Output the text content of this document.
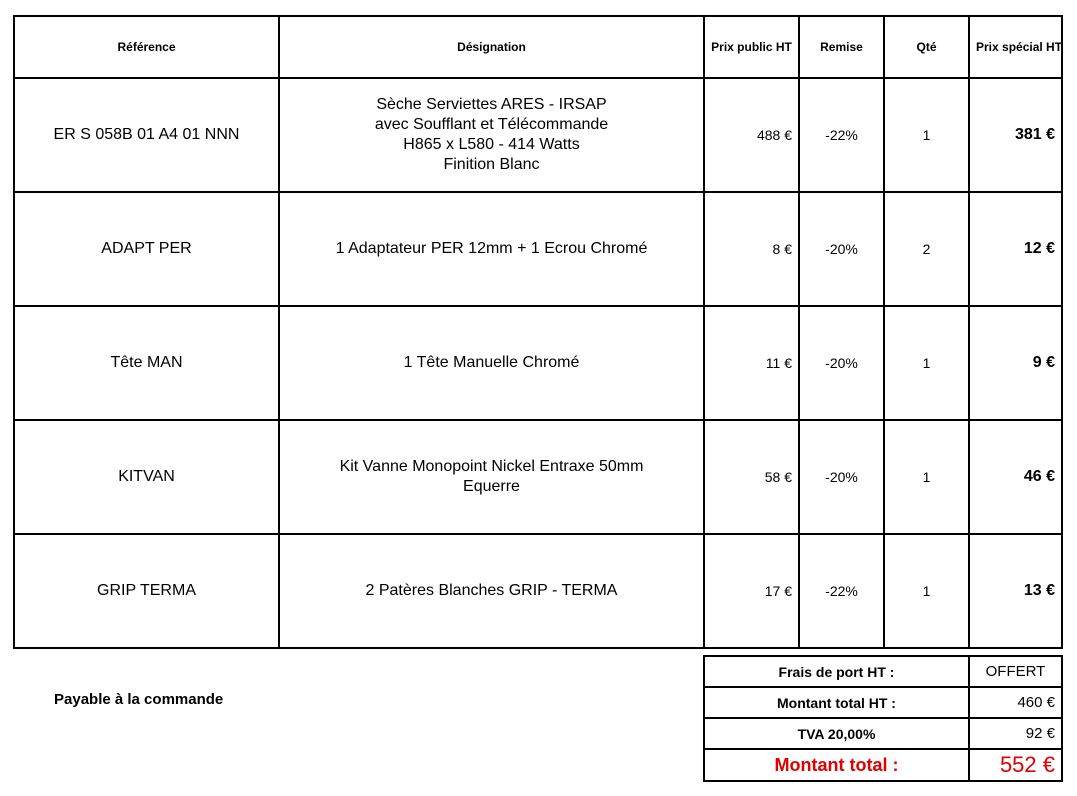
Référence	Désignation	Prix public HT	Remise	Qté	Prix spécial HT
ER S 058B 01 A4 01 NNN	Sèche Serviettes ARES - IRSAP
avec Soufflant et Télécommande
H865 x L580 - 414 Watts
Finition Blanc	488 €	-22%	1	381 €
ADAPT PER	1 Adaptateur PER 12mm + 1 Ecrou Chromé	8 €	-20%	2	12 €
Tête MAN	1 Tête Manuelle Chromé	11 €	-20%	1	9 €
KITVAN	Kit Vanne Monopoint Nickel Entraxe 50mm
Equerre	58 €	-20%	1	46 €
GRIP TERMA	2 Patères Blanches GRIP - TERMA	17 €	-22%	1	13 €
Payable à la commande
Frais de port HT :	OFFERT
Montant total HT :	460 €
TVA 20,00%	92 €
Montant total :	552 €
